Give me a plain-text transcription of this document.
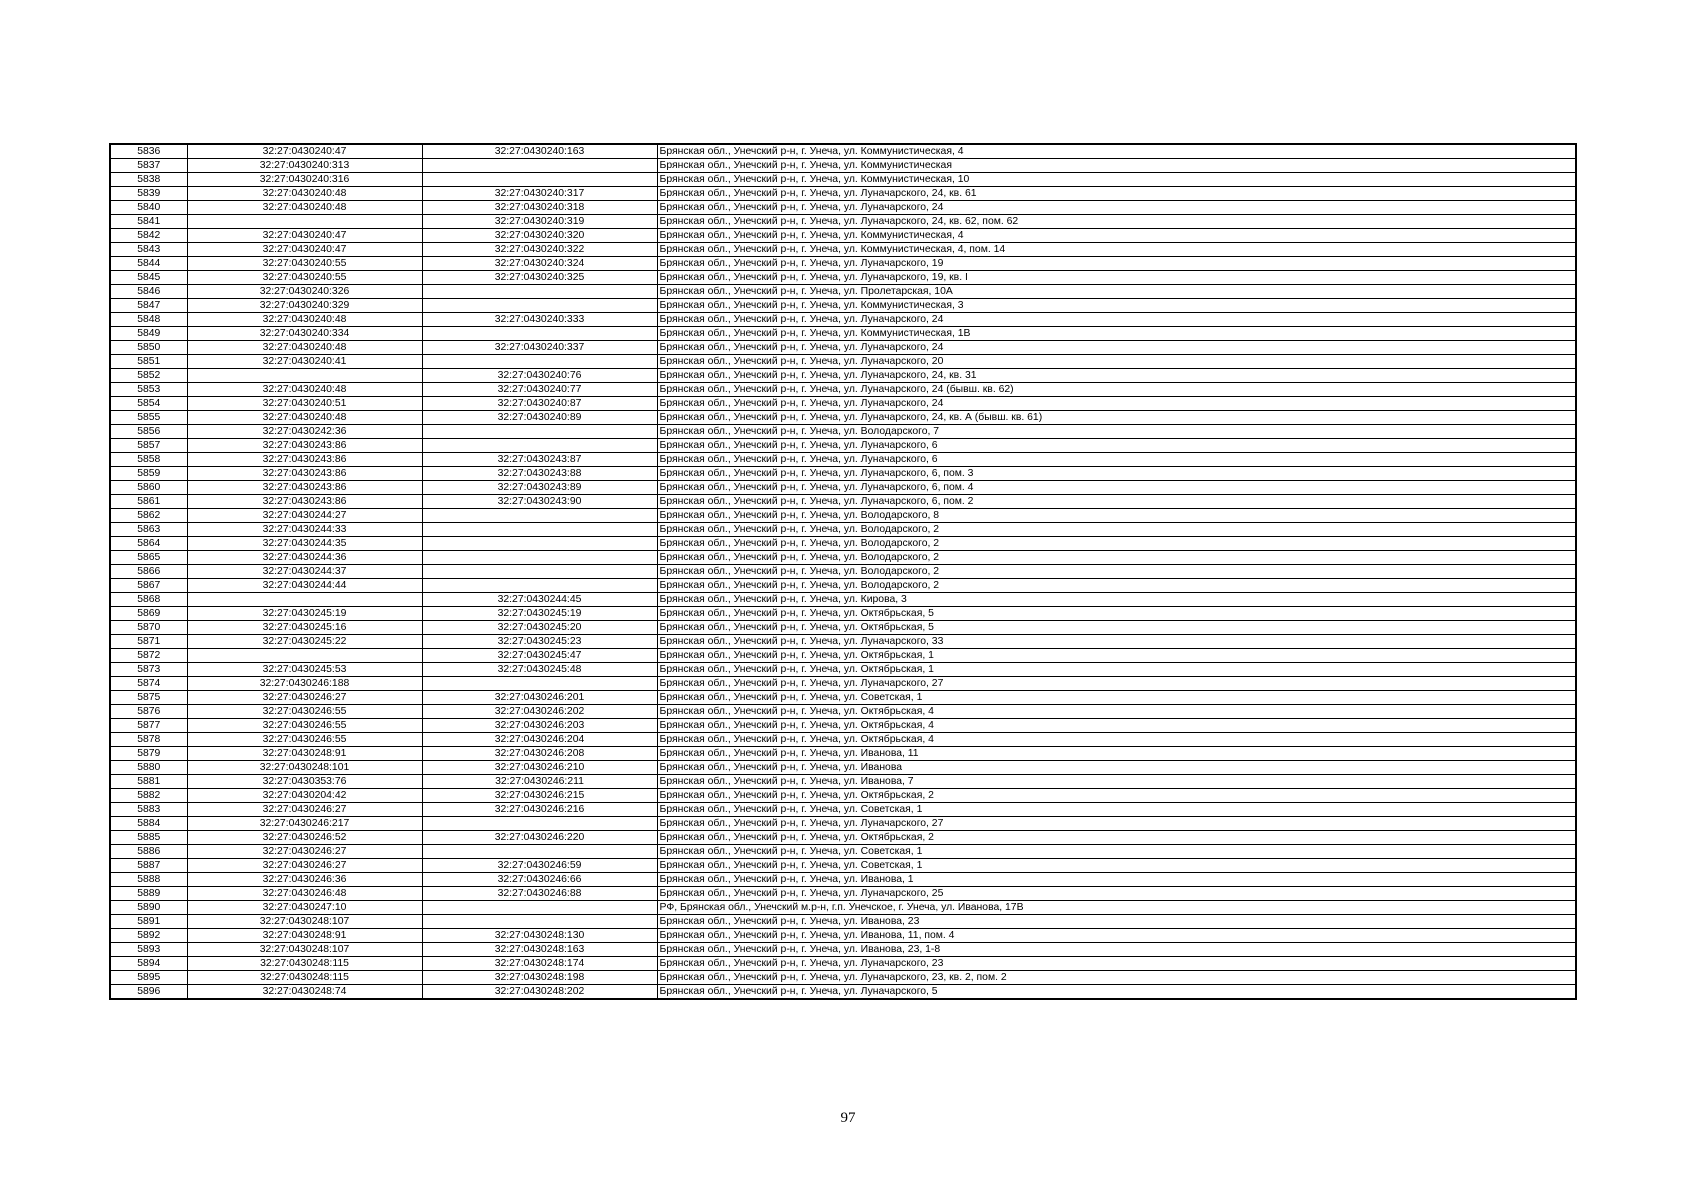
5836	32:27:0430240:47	32:27:0430240:163	Брянская обл., Унечский р-н, г. Унеча, ул. Коммунистическая, 4
5837	32:27:0430240:313		Брянская обл., Унечский р-н, г. Унеча, ул. Коммунистическая
5838	32:27:0430240:316		Брянская обл., Унечский р-н, г. Унеча, ул. Коммунистическая, 10
5839	32:27:0430240:48	32:27:0430240:317	Брянская обл., Унечский р-н, г. Унеча, ул. Луначарского, 24, кв. 61
5840	32:27:0430240:48	32:27:0430240:318	Брянская обл., Унечский р-н, г. Унеча, ул. Луначарского, 24
5841		32:27:0430240:319	Брянская обл., Унечский р-н, г. Унеча, ул. Луначарского, 24, кв. 62, пом. 62
5842	32:27:0430240:47	32:27:0430240:320	Брянская обл., Унечский р-н, г. Унеча, ул. Коммунистическая, 4
5843	32:27:0430240:47	32:27:0430240:322	Брянская обл., Унечский р-н, г. Унеча, ул. Коммунистическая, 4, пом. 14
5844	32:27:0430240:55	32:27:0430240:324	Брянская обл., Унечский р-н, г. Унеча, ул. Луначарского, 19
5845	32:27:0430240:55	32:27:0430240:325	Брянская обл., Унечский р-н, г. Унеча, ул. Луначарского, 19, кв. I
5846	32:27:0430240:326		Брянская обл., Унечский р-н, г. Унеча, ул. Пролетарская, 10А
5847	32:27:0430240:329		Брянская обл., Унечский р-н, г. Унеча, ул. Коммунистическая, 3
5848	32:27:0430240:48	32:27:0430240:333	Брянская обл., Унечский р-н, г. Унеча, ул. Луначарского, 24
5849	32:27:0430240:334		Брянская обл., Унечский р-н, г. Унеча, ул. Коммунистическая, 1В
5850	32:27:0430240:48	32:27:0430240:337	Брянская обл., Унечский р-н, г. Унеча, ул. Луначарского, 24
5851	32:27:0430240:41		Брянская обл., Унечский р-н, г. Унеча, ул. Луначарского, 20
5852		32:27:0430240:76	Брянская обл., Унечский р-н, г. Унеча, ул. Луначарского, 24, кв. 31
5853	32:27:0430240:48	32:27:0430240:77	Брянская обл., Унечский р-н, г. Унеча, ул. Луначарского, 24 (бывш. кв. 62)
5854	32:27:0430240:51	32:27:0430240:87	Брянская обл., Унечский р-н, г. Унеча, ул. Луначарского, 24
5855	32:27:0430240:48	32:27:0430240:89	Брянская обл., Унечский р-н, г. Унеча, ул. Луначарского, 24, кв. А (бывш. кв. 61)
5856	32:27:0430242:36		Брянская обл., Унечский р-н, г. Унеча, ул. Володарского, 7
5857	32:27:0430243:86		Брянская обл., Унечский р-н, г. Унеча, ул. Луначарского, 6
5858	32:27:0430243:86	32:27:0430243:87	Брянская обл., Унечский р-н, г. Унеча, ул. Луначарского, 6
5859	32:27:0430243:86	32:27:0430243:88	Брянская обл., Унечский р-н, г. Унеча, ул. Луначарского, 6, пом. 3
5860	32:27:0430243:86	32:27:0430243:89	Брянская обл., Унечский р-н, г. Унеча, ул. Луначарского, 6, пом. 4
5861	32:27:0430243:86	32:27:0430243:90	Брянская обл., Унечский р-н, г. Унеча, ул. Луначарского, 6, пом. 2
5862	32:27:0430244:27		Брянская обл., Унечский р-н, г. Унеча, ул. Володарского, 8
5863	32:27:0430244:33		Брянская обл., Унечский р-н, г. Унеча, ул. Володарского, 2
5864	32:27:0430244:35		Брянская обл., Унечский р-н, г. Унеча, ул. Володарского, 2
5865	32:27:0430244:36		Брянская обл., Унечский р-н, г. Унеча, ул. Володарского, 2
5866	32:27:0430244:37		Брянская обл., Унечский р-н, г. Унеча, ул. Володарского, 2
5867	32:27:0430244:44		Брянская обл., Унечский р-н, г. Унеча, ул. Володарского, 2
5868		32:27:0430244:45	Брянская обл., Унечский р-н, г. Унеча, ул. Кирова, 3
5869	32:27:0430245:19	32:27:0430245:19	Брянская обл., Унечский р-н, г. Унеча, ул. Октябрьская, 5
5870	32:27:0430245:16	32:27:0430245:20	Брянская обл., Унечский р-н, г. Унеча, ул. Октябрьская, 5
5871	32:27:0430245:22	32:27:0430245:23	Брянская обл., Унечский р-н, г. Унеча, ул. Луначарского, 33
5872		32:27:0430245:47	Брянская обл., Унечский р-н, г. Унеча, ул. Октябрьская, 1
5873	32:27:0430245:53	32:27:0430245:48	Брянская обл., Унечский р-н, г. Унеча, ул. Октябрьская, 1
5874	32:27:0430246:188		Брянская обл., Унечский р-н, г. Унеча, ул. Луначарского, 27
5875	32:27:0430246:27	32:27:0430246:201	Брянская обл., Унечский р-н, г. Унеча, ул. Советская, 1
5876	32:27:0430246:55	32:27:0430246:202	Брянская обл., Унечский р-н, г. Унеча, ул. Октябрьская, 4
5877	32:27:0430246:55	32:27:0430246:203	Брянская обл., Унечский р-н, г. Унеча, ул. Октябрьская, 4
5878	32:27:0430246:55	32:27:0430246:204	Брянская обл., Унечский р-н, г. Унеча, ул. Октябрьская, 4
5879	32:27:0430248:91	32:27:0430246:208	Брянская обл., Унечский р-н, г. Унеча, ул. Иванова, 11
5880	32:27:0430248:101	32:27:0430246:210	Брянская обл., Унечский р-н, г. Унеча, ул. Иванова
5881	32:27:0430353:76	32:27:0430246:211	Брянская обл., Унечский р-н, г. Унеча, ул. Иванова, 7
5882	32:27:0430204:42	32:27:0430246:215	Брянская обл., Унечский р-н, г. Унеча, ул. Октябрьская, 2
5883	32:27:0430246:27	32:27:0430246:216	Брянская обл., Унечский р-н, г. Унеча, ул. Советская, 1
5884	32:27:0430246:217		Брянская обл., Унечский р-н, г. Унеча, ул. Луначарского, 27
5885	32:27:0430246:52	32:27:0430246:220	Брянская обл., Унечский р-н, г. Унеча, ул. Октябрьская, 2
5886	32:27:0430246:27		Брянская обл., Унечский р-н, г. Унеча, ул. Советская, 1
5887	32:27:0430246:27	32:27:0430246:59	Брянская обл., Унечский р-н, г. Унеча, ул. Советская, 1
5888	32:27:0430246:36	32:27:0430246:66	Брянская обл., Унечский р-н, г. Унеча, ул. Иванова, 1
5889	32:27:0430246:48	32:27:0430246:88	Брянская обл., Унечский р-н, г. Унеча, ул. Луначарского, 25
5890	32:27:0430247:10		РФ, Брянская обл., Унечский м.р-н, г.п. Унечское, г. Унеча, ул. Иванова, 17В
5891	32:27:0430248:107		Брянская обл., Унечский р-н, г. Унеча, ул. Иванова, 23
5892	32:27:0430248:91	32:27:0430248:130	Брянская обл., Унечский р-н, г. Унеча, ул. Иванова, 11, пом. 4
5893	32:27:0430248:107	32:27:0430248:163	Брянская обл., Унечский р-н, г. Унеча, ул. Иванова, 23, 1-8
5894	32:27:0430248:115	32:27:0430248:174	Брянская обл., Унечский р-н, г. Унеча, ул. Луначарского, 23
5895	32:27:0430248:115	32:27:0430248:198	Брянская обл., Унечский р-н, г. Унеча, ул. Луначарского, 23, кв. 2, пом. 2
5896	32:27:0430248:74	32:27:0430248:202	Брянская обл., Унечский р-н, г. Унеча, ул. Луначарского, 5
97
